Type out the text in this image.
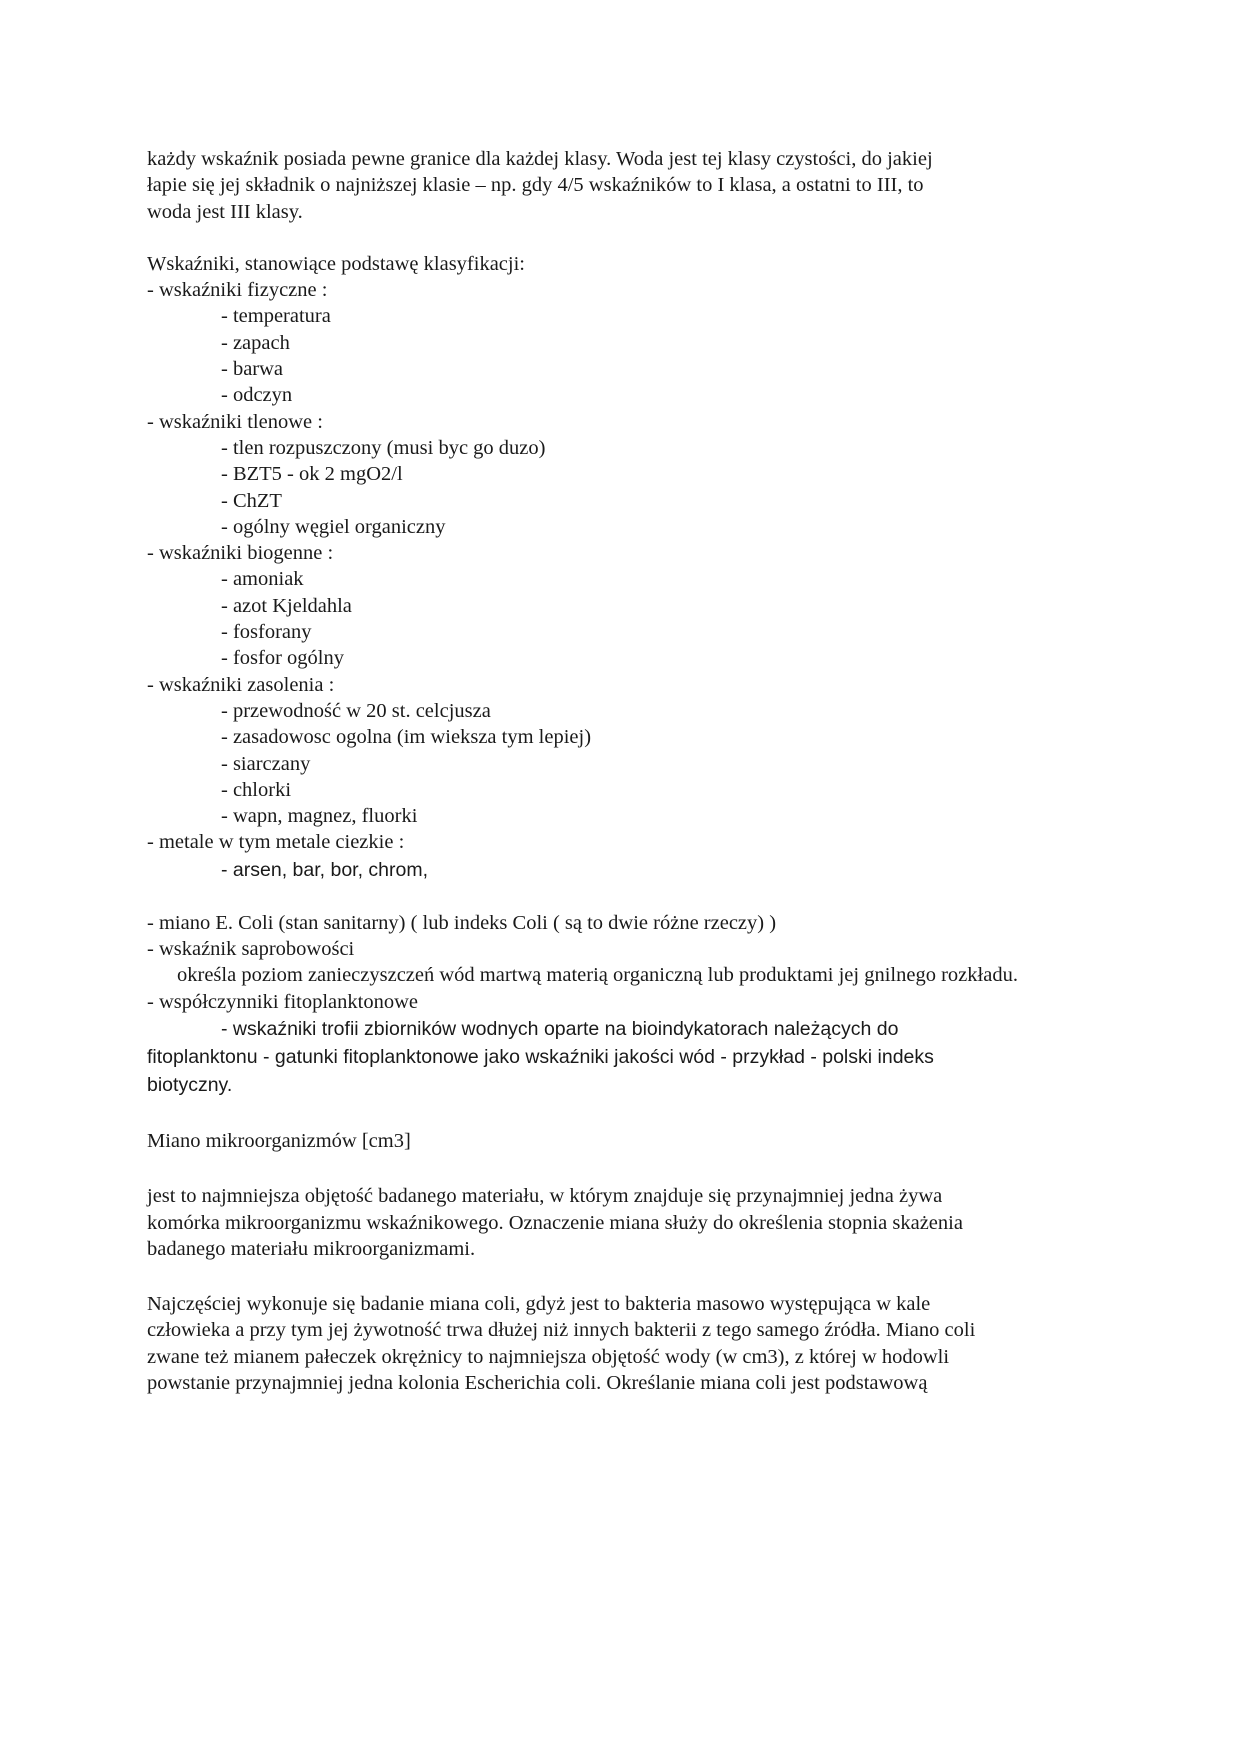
każdy wskaźnik posiada pewne granice dla każdej klasy. Woda jest tej klasy czystości, do jakiej
łapie się jej składnik o najniższej klasie – np. gdy 4/5 wskaźników to I klasa, a ostatni to III, to
woda jest III klasy.
Wskaźniki, stanowiące podstawę klasyfikacji:
- wskaźniki fizyczne :
- temperatura
- zapach
- barwa
- odczyn
- wskaźniki tlenowe :
- tlen rozpuszczony (musi byc go duzo)
- BZT5 - ok 2 mgO2/l
- ChZT
- ogólny węgiel organiczny
- wskaźniki biogenne :
- amoniak
- azot Kjeldahla
- fosforany
- fosfor ogólny
- wskaźniki zasolenia :
- przewodność w 20 st. celcjusza
- zasadowosc ogolna (im wieksza tym lepiej)
- siarczany
- chlorki
- wapn, magnez, fluorki
- metale w tym metale ciezkie :
- arsen, bar, bor, chrom,
- miano E. Coli (stan sanitarny) ( lub indeks Coli ( są to dwie różne rzeczy) )
- wskaźnik saprobowości
określa poziom zanieczyszczeń wód martwą materią organiczną lub produktami jej gnilnego rozkładu.
- współczynniki fitoplanktonowe
- wskaźniki trofii zbiorników wodnych oparte na bioindykatorach należących do
fitoplanktonu - gatunki fitoplanktonowe jako wskaźniki jakości wód - przykład - polski indeks
biotyczny.
Miano mikroorganizmów [cm3]
jest to najmniejsza objętość badanego materiału, w którym znajduje się przynajmniej jedna żywa
komórka mikroorganizmu wskaźnikowego. Oznaczenie miana służy do określenia stopnia skażenia
badanego materiału mikroorganizmami.
Najczęściej wykonuje się badanie miana coli, gdyż jest to bakteria masowo występująca w kale
człowieka a przy tym jej żywotność trwa dłużej niż innych bakterii z tego samego źródła. Miano coli
zwane też mianem pałeczek okrężnicy to najmniejsza objętość wody (w cm3), z której w hodowli
powstanie przynajmniej jedna kolonia Escherichia coli. Określanie miana coli jest podstawową
